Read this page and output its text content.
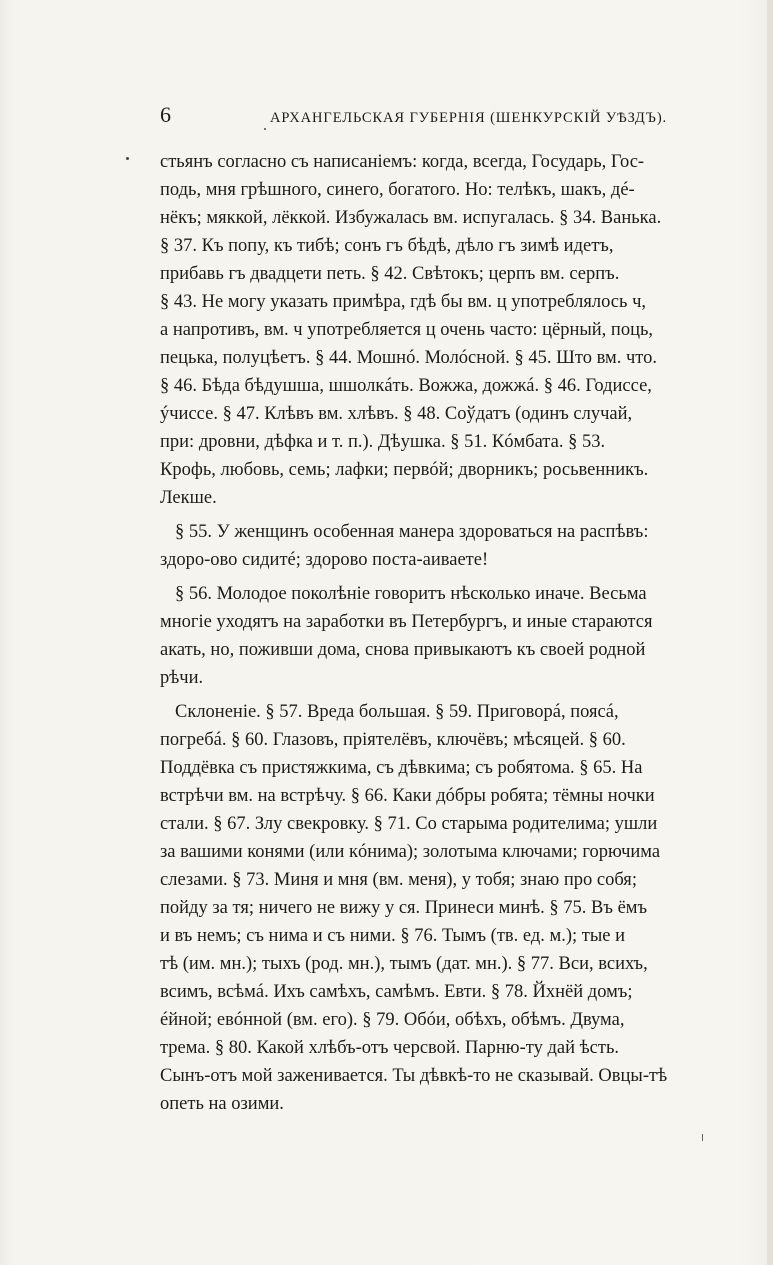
6	АРХАНГЕЛЬСКАЯ ГУБЕРНІЯ (ШЕНКУРСКІЙ УѢЗДЪ).

стьянъ согласно съ написаніемъ: когда, всегда, Государь, Гос-
подь, мня грѣшного, синего, богатого. Но: телѣкъ, шакъ, дé-
нёкъ; мяккой, лёккой. Избужалась вм. испугалась. § 34. Ванька.
§ 37. Къ попу, къ тибѣ; сонъ гъ бѣдѣ, дѣло гъ зимѣ идетъ,
прибавь гъ двадцети петь. § 42. Свѣтокъ; церпъ вм. серпъ.
§ 43. Не могу указать примѣра, гдѣ бы вм. ц употреблялось ч,
а напротивъ, вм. ч употребляется ц очень часто: цёрный, поць,
пецька, полуцѣетъ. § 44. Мошнó. Молóсной. § 45. Што вм. что.
§ 46. Бѣда бѣдушша, шшолкáть. Вожжа, дожжá. § 46. Годиссе,
ýчиссе. § 47. Клѣвъ вм. хлѣвъ. § 48. Соўдатъ (одинъ случай,
при: дровни, дѣфка и т. п.). Дѣушка. § 51. Кóмбата. § 53.
Крофь, любовь, семь; лафки; первóй; дворникъ; росьвенникъ.
Лекше.

§ 55. У женщинъ особенная манера здороваться на распѣвъ:
здоро-ово сидитé; здорово поста-аиваете!

§ 56. Молодое поколѣніе говоритъ нѣсколько иначе. Весьма
многіе уходятъ на заработки въ Петербургъ, и иные стараются
акать, но, поживши дома, снова привыкаютъ къ своей родной
рѣчи.

Склоненіе. § 57. Вреда большая. § 59. Приговорá, поясá,
погребá. § 60. Глазовъ, пріятелёвъ, ключёвъ; мѣсяцей. § 60.
Поддёвка съ пристяжкима, съ дѣвкима; съ робятома. § 65. На
встрѣчи вм. на встрѣчу. § 66. Каки дóбры робята; тёмны ночки
стали. § 67. Злу свекровку. § 71. Со старыма родителима; ушли
за вашими конями (или кóнима); золотыма ключами; горючима
слезами. § 73. Миня и мня (вм. меня), у тобя; знаю про собя;
пойду за тя; ничего не вижу у ся. Принеси минѣ. § 75. Въ ёмъ
и въ немъ; съ нима и съ ними. § 76. Тымъ (тв. ед. м.); тые и
тѣ (им. мн.); тыхъ (род. мн.), тымъ (дат. мн.). § 77. Вси, всихъ,
всимъ, всѣмá. Ихъ самѣхъ, самѣмъ. Евти. § 78. Йхнёй домъ;
éйной; евóнной (вм. его). § 79. Обóи, обѣхъ, обѣмъ. Двума,
трема. § 80. Какой хлѣбъ-отъ черсвой. Парню-ту дай ѣсть.
Сынъ-отъ мой заженивается. Ты дѣвкѣ-то не сказывай. Овцы-тѣ
опеть на озими.
